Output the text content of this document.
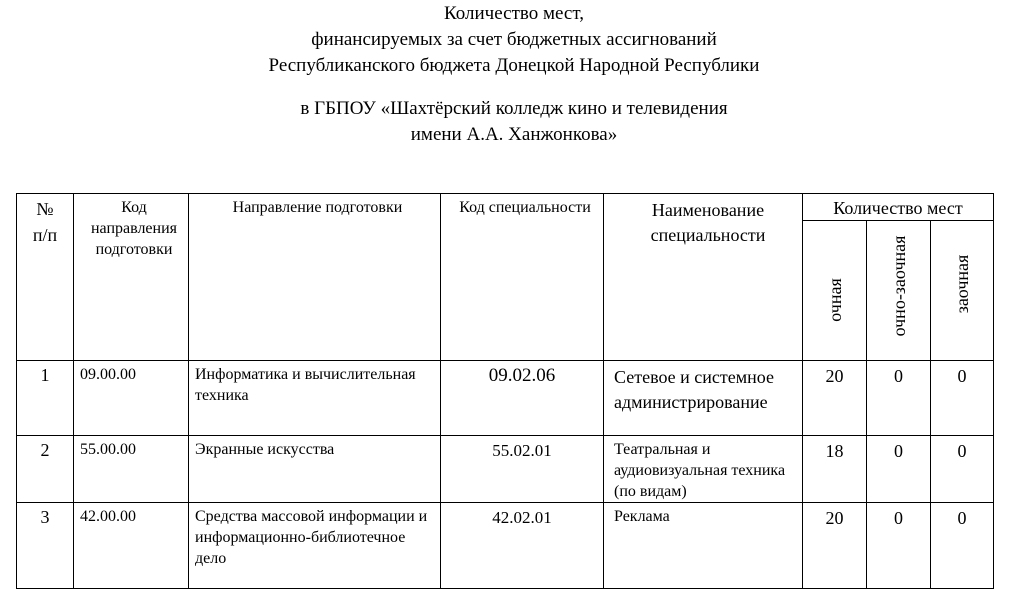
Количество мест,
финансируемых за счет бюджетных ассигнований
Республиканского бюджета Донецкой Народной Республики
в ГБПОУ «Шахтёрский колледж кино и телевидения
имени А.А. Ханжонкова»
№
п/п	Код направления подготовки	Направление подготовки	Код специальности	Наименование специальности	Количество мест		

					очная	очно-заочная	заочная

1	09.00.00	Информатика и вычислительная техника	09.02.06	Сетевое и системное администрирование	20	0	0
2	55.00.00	Экранные искусства	55.02.01	Театральная и аудиовизуальная техника (по видам)	18	0	0
3	42.00.00	Средства массовой информации и информационно-библиотечное дело	42.02.01	Реклама	20	0	0
